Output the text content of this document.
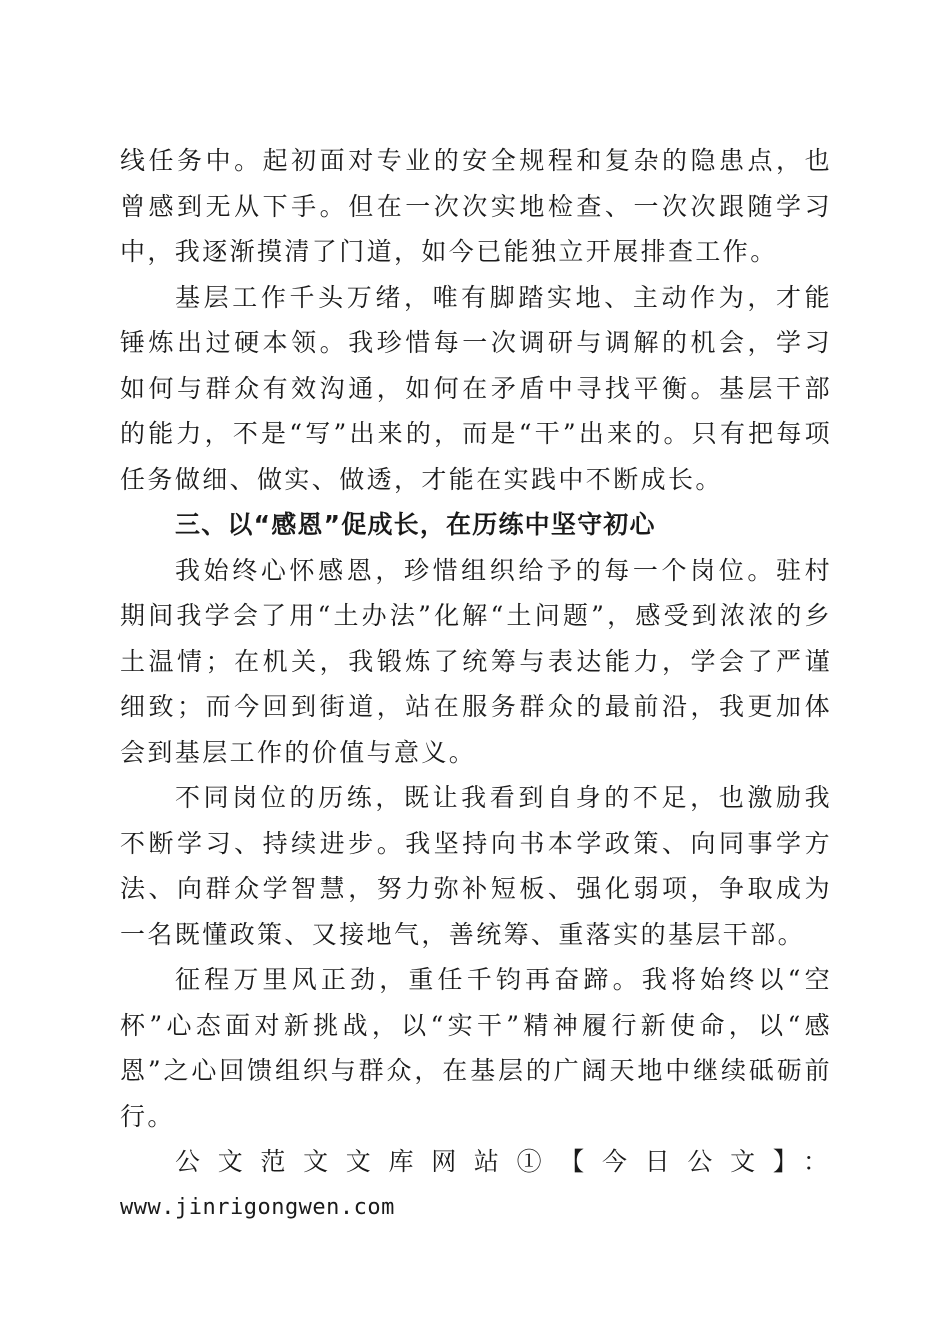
线任务中。起初面对专业的安全规程和复杂的隐患点，也曾感到无从下手。但在一次次实地检查、一次次跟随学习中，我逐渐摸清了门道，如今已能独立开展排查工作。

基层工作千头万绪，唯有脚踏实地、主动作为，才能锤炼出过硬本领。我珍惜每一次调研与调解的机会，学习如何与群众有效沟通，如何在矛盾中寻找平衡。基层干部的能力，不是“写”出来的，而是“干”出来的。只有把每项任务做细、做实、做透，才能在实践中不断成长。

三、以“感恩”促成长，在历练中坚守初心

我始终心怀感恩，珍惜组织给予的每一个岗位。驻村期间我学会了用“土办法”化解“土问题”，感受到浓浓的乡土温情；在机关，我锻炼了统筹与表达能力，学会了严谨细致；而今回到街道，站在服务群众的最前沿，我更加体会到基层工作的价值与意义。

不同岗位的历练，既让我看到自身的不足，也激励我不断学习、持续进步。我坚持向书本学政策、向同事学方法、向群众学智慧，努力弥补短板、强化弱项，争取成为一名既懂政策、又接地气，善统筹、重落实的基层干部。

征程万里风正劲，重任千钧再奋蹄。我将始终以“空杯”心态面对新挑战，以“实干”精神履行新使命，以“感恩”之心回馈组织与群众，在基层的广阔天地中继续砥砺前行。

公文范文文库网站①【今日公文】：

www.jinrigongwen.com
